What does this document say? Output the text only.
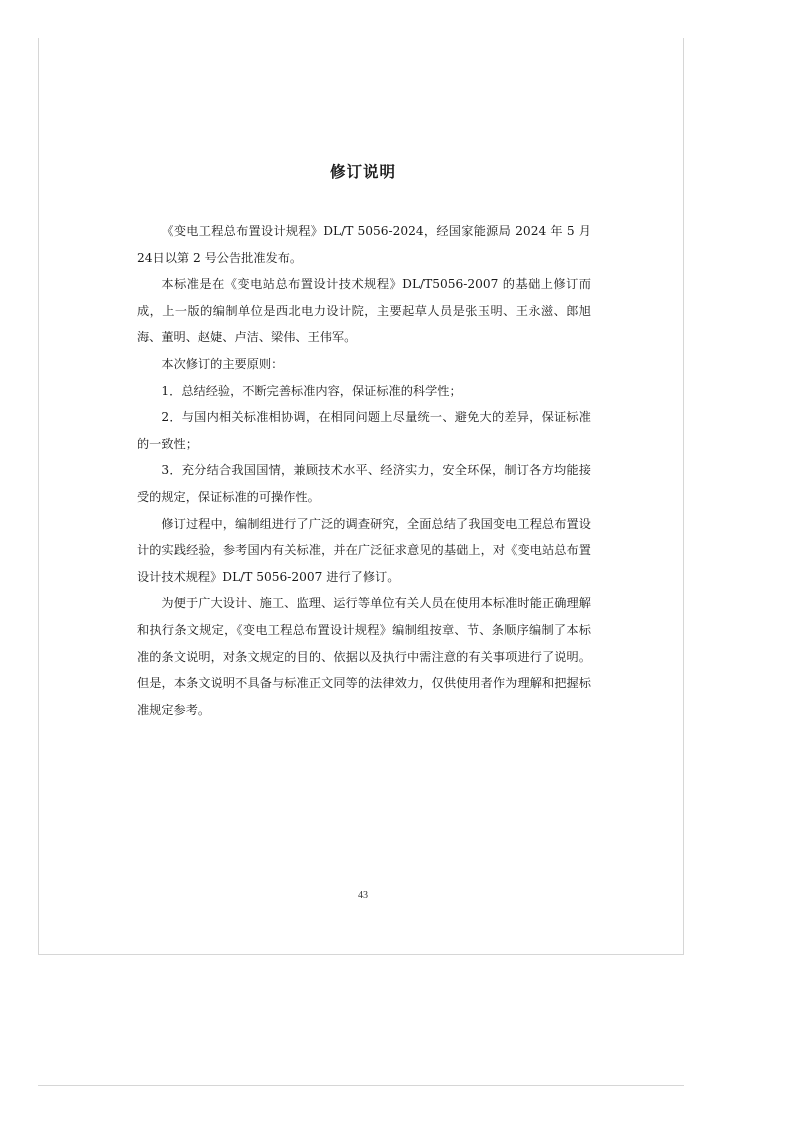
修订说明

《变电工程总布置设计规程》DL/T 5056-2024，经国家能源局 2024 年 5 月24日以第 2 号公告批准发布。

本标准是在《变电站总布置设计技术规程》DL/T5056-2007 的基础上修订而成，上一版的编制单位是西北电力设计院，主要起草人员是张玉明、王永滋、郎旭海、董明、赵婕、卢洁、梁伟、王伟军。

本次修订的主要原则：

1．总结经验，不断完善标准内容，保证标准的科学性；

2．与国内相关标准相协调，在相同问题上尽量统一、避免大的差异，保证标准的一致性；

3．充分结合我国国情，兼顾技术水平、经济实力，安全环保，制订各方均能接受的规定，保证标准的可操作性。

修订过程中，编制组进行了广泛的调查研究，全面总结了我国变电工程总布置设计的实践经验，参考国内有关标准，并在广泛征求意见的基础上，对《变电站总布置设计技术规程》DL/T 5056-2007 进行了修订。

为便于广大设计、施工、监理、运行等单位有关人员在使用本标准时能正确理解和执行条文规定，《变电工程总布置设计规程》编制组按章、节、条顺序编制了本标准的条文说明，对条文规定的目的、依据以及执行中需注意的有关事项进行了说明。但是，本条文说明不具备与标准正文同等的法律效力，仅供使用者作为理解和把握标准规定参考。

43
